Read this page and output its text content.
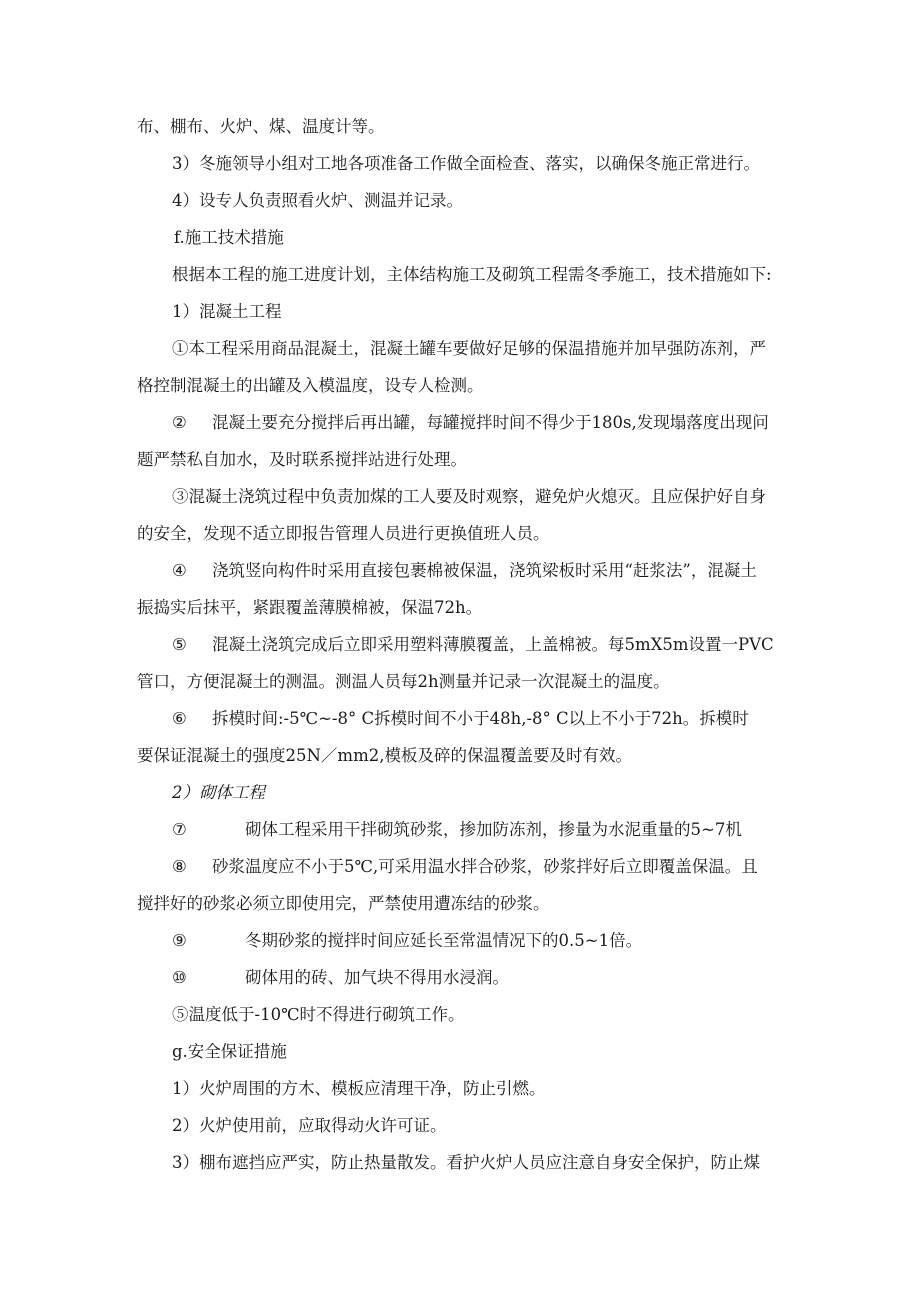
布、棚布、火炉、煤、温度计等。
3）冬施领导小组对工地各项准备工作做全面检查、落实，以确保冬施正常进行。
4）设专人负责照看火炉、测温并记录。
f.施工技术措施
根据本工程的施工进度计划，主体结构施工及砌筑工程需冬季施工，技术措施如下:
1）混凝土工程
①本工程采用商品混凝土，混凝土罐车要做好足够的保温措施并加早强防冻剂，严
格控制混凝土的出罐及入模温度，设专人检测。
② 混凝土要充分搅拌后再出罐，每罐搅拌时间不得少于180s,发现塌落度出现问
题严禁私自加水，及时联系搅拌站进行处理。
③混凝土浇筑过程中负责加煤的工人要及时观察，避免炉火熄灭。且应保护好自身
的安全，发现不适立即报告管理人员进行更换值班人员。
④ 浇筑竖向构件时采用直接包裹棉被保温，浇筑梁板时采用“赶浆法”，混凝土
振捣实后抹平，紧跟覆盖薄膜棉被，保温72h。
⑤ 混凝土浇筑完成后立即采用塑料薄膜覆盖，上盖棉被。每5mX5m设置一PVC
管口，方便混凝土的测温。测温人员每2h测量并记录一次混凝土的温度。
⑥ 拆模时间:-5℃~-8° C拆模时间不小于48h,-8° C以上不小于72h。拆模时
要保证混凝土的强度25N／mm2,模板及碎的保温覆盖要及时有效。
2）砌体工程
⑦	砌体工程采用干拌砌筑砂浆，掺加防冻剂，掺量为水泥重量的5~7机
⑧ 砂浆温度应不小于5℃,可采用温水拌合砂浆，砂浆拌好后立即覆盖保温。且
搅拌好的砂浆必须立即使用完，严禁使用遭冻结的砂浆。
⑨	冬期砂浆的搅拌时间应延长至常温情况下的0.5~1倍。
⑩	砌体用的砖、加气块不得用水浸润。
⑤温度低于-10℃时不得进行砌筑工作。
g.安全保证措施
1）火炉周围的方木、模板应清理干净，防止引燃。
2）火炉使用前，应取得动火许可证。
3）棚布遮挡应严实，防止热量散发。看护火炉人员应注意自身安全保护，防止煤
